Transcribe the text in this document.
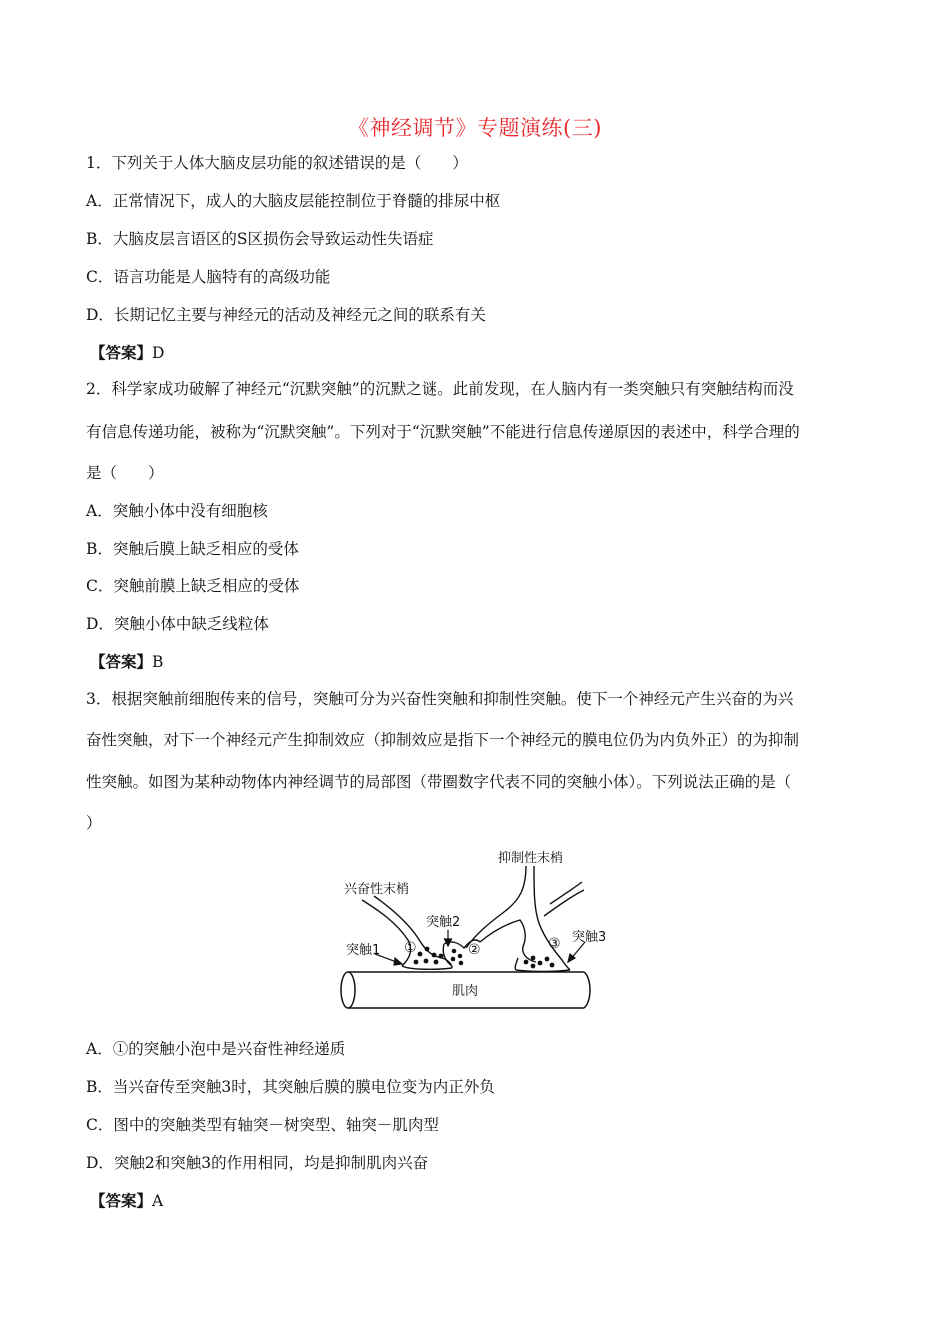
《神经调节》专题演练(三)
1．下列关于人体大脑皮层功能的叙述错误的是（　　）
A．正常情况下，成人的大脑皮层能控制位于脊髓的排尿中枢
B．大脑皮层言语区的S区损伤会导致运动性失语症
C．语言功能是人脑特有的高级功能
D．长期记忆主要与神经元的活动及神经元之间的联系有关
【答案】D
2．科学家成功破解了神经元“沉默突触”的沉默之谜。此前发现，在人脑内有一类突触只有突触结构而没
有信息传递功能，被称为“沉默突触”。下列对于“沉默突触”不能进行信息传递原因的表述中，科学合理的
是（　　）
A．突触小体中没有细胞核
B．突触后膜上缺乏相应的受体
C．突触前膜上缺乏相应的受体
D．突触小体中缺乏线粒体
【答案】B
3．根据突触前细胞传来的信号，突触可分为兴奋性突触和抑制性突触。使下一个神经元产生兴奋的为兴
奋性突触，对下一个神经元产生抑制效应（抑制效应是指下一个神经元的膜电位仍为内负外正）的为抑制
性突触。如图为某种动物体内神经调节的局部图（带圈数字代表不同的突触小体）。下列说法正确的是（
）
抑制性末梢
兴奋性末梢
突触2
突触1
突触3
①	②	③
肌肉
A．①的突触小泡中是兴奋性神经递质
B．当兴奋传至突触3时，其突触后膜的膜电位变为内正外负
C．图中的突触类型有轴突－树突型、轴突－肌肉型
D．突触2和突触3的作用相同，均是抑制肌肉兴奋
【答案】A
